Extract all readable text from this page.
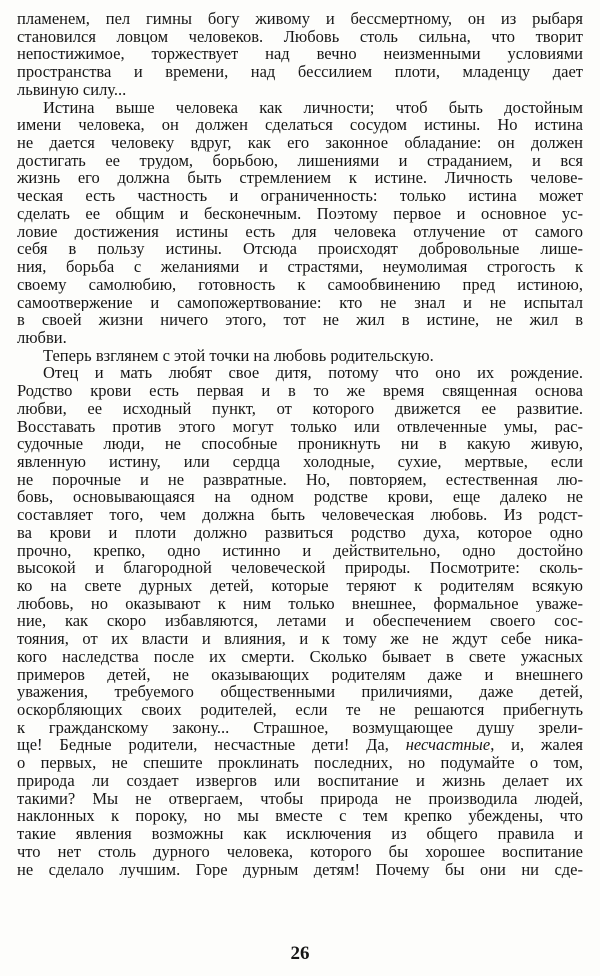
пламенем, пел гимны богу живому и бессмертному, он из рыбаря
становился ловцом человеков. Любовь столь сильна, что творит
непостижимое, торжествует над вечно неизменными условиями
пространства и времени, над бессилием плоти, младенцу дает
львиную силу...
Истина выше человека как личности; чтоб быть достойным
имени человека, он должен сделаться сосудом истины. Но истина
не дается человеку вдруг, как его законное обладание: он должен
достигать ее трудом, борьбою, лишениями и страданием, и вся
жизнь его должна быть стремлением к истине. Личность челове-
ческая есть частность и ограниченность: только истина может
сделать ее общим и бесконечным. Поэтому первое и основное ус-
ловие достижения истины есть для человека отлучение от самого
себя в пользу истины. Отсюда происходят добровольные лише-
ния, борьба с желаниями и страстями, неумолимая строгость к
своему самолюбию, готовность к самообвинению пред истиною,
самоотвержение и самопожертвование: кто не знал и не испытал
в своей жизни ничего этого, тот не жил в истине, не жил в
любви.
Теперь взглянем с этой точки на любовь родительскую.
Отец и мать любят свое дитя, потому что оно их рождение.
Родство крови есть первая и в то же время священная основа
любви, ее исходный пункт, от которого движется ее развитие.
Восставать против этого могут только или отвлеченные умы, рас-
судочные люди, не способные проникнуть ни в какую живую,
явленную истину, или сердца холодные, сухие, мертвые, если
не порочные и не развратные. Но, повторяем, естественная лю-
бовь, основывающаяся на одном родстве крови, еще далеко не
составляет того, чем должна быть человеческая любовь. Из родст-
ва крови и плоти должно развиться родство духа, которое одно
прочно, крепко, одно истинно и действительно, одно достойно
высокой и благородной человеческой природы. Посмотрите: сколь-
ко на свете дурных детей, которые теряют к родителям всякую
любовь, но оказывают к ним только внешнее, формальное уваже-
ние, как скоро избавляются, летами и обеспечением своего сос-
тояния, от их власти и влияния, и к тому же не ждут себе ника-
кого наследства после их смерти. Сколько бывает в свете ужасных
примеров детей, не оказывающих родителям даже и внешнего
уважения, требуемого общественными приличиями, даже детей,
оскорбляющих своих родителей, если те не решаются прибегнуть
к гражданскому закону... Страшное, возмущающее душу зрели-
ще! Бедные родители, несчастные дети! Да, несчастные, и, жалея
о первых, не спешите проклинать последних, но подумайте о том,
природа ли создает извергов или воспитание и жизнь делает их
такими? Мы не отвергаем, чтобы природа не производила людей,
наклонных к пороку, но мы вместе с тем крепко убеждены, что
такие явления возможны как исключения из общего правила и
что нет столь дурного человека, которого бы хорошее воспитание
не сделало лучшим. Горе дурным детям! Почему бы они ни сде-
26
